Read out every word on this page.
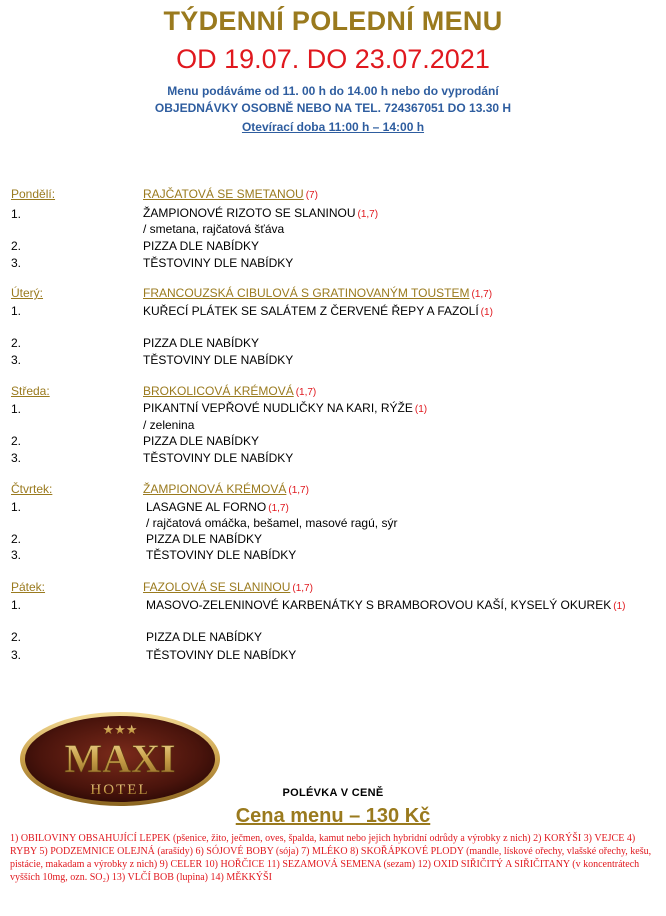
TÝDENNÍ POLEDNÍ MENU
OD 19.07. DO 23.07.2021
Menu podáváme od 11. 00 h do 14.00 h nebo do vyprodání
OBJEDNÁVKY OSOBNĚ NEBO NA TEL. 724367051 DO 13.30 H
Otevírací doba 11:00 h – 14:00 h
Pondělí:	RAJČATOVÁ SE SMETANOU (7)
1.	ŽAMPIONOVÉ RIZOTO SE SLANINOU (1,7)
/ smetana, rajčatová šťáva
2.	PIZZA DLE NABÍDKY
3.	TĚSTOVINY DLE NABÍDKY
Úterý:	FRANCOUZSKÁ CIBULOVÁ S GRATINOVANÝM TOUSTEM (1,7)
1.	KUŘECÍ PLÁTEK SE SALÁTEM Z ČERVENÉ ŘEPY A FAZOLÍ (1)
2.	PIZZA DLE NABÍDKY
3.	TĚSTOVINY DLE NABÍDKY
Středa:	BROKOLICOVÁ KRÉMOVÁ (1,7)
1.	PIKANTNÍ VEPŘOVÉ NUDLIČKY NA KARI, RÝŽE (1)
/ zelenina
2.	PIZZA DLE NABÍDKY
3.	TĚSTOVINY DLE NABÍDKY
Čtvrtek:	ŽAMPIONOVÁ KRÉMOVÁ (1,7)
1.	LASAGNE AL FORNO (1,7)
/ rajčatová omáčka, bešamel, masové ragú, sýr
2.	PIZZA DLE NABÍDKY
3.	TĚSTOVINY DLE NABÍDKY
Pátek:	FAZOLOVÁ SE SLANINOU (1,7)
1.	MASOVO-ZELENINOVÉ KARBENÁTKY S BRAMBOROVOU KAŠÍ, KYSELÝ OKUREK (1)
2.	PIZZA DLE NABÍDKY
3.	TĚSTOVINY DLE NABÍDKY
★★★
MAXI
HOTEL	POLÉVKA V CENĚ
Cena menu – 130 Kč
1) OBILOVINY OBSAHUJÍCÍ LEPEK (pšenice, žito, ječmen, oves, špalda, kamut nebo jejich hybridní odrůdy a výrobky z nich) 2) KORÝŠI 3) VEJCE 4) RYBY 5) PODZEMNICE OLEJNÁ (arašídy) 6) SÓJOVÉ BOBY (sója) 7) MLÉKO 8) SKOŘÁPKOVÉ PLODY (mandle, lískové ořechy, vlašské ořechy, kešu, pistácie, makadam a výrobky z nich) 9) CELER 10) HOŘČICE 11) SEZAMOVÁ SEMENA (sezam) 12) OXID SIŘIČITÝ A SIŘIČITANY (v koncentrátech vyšších 10mg, ozn. SO₂) 13) VLČÍ BOB (lupina) 14) MĚKKÝŠI
